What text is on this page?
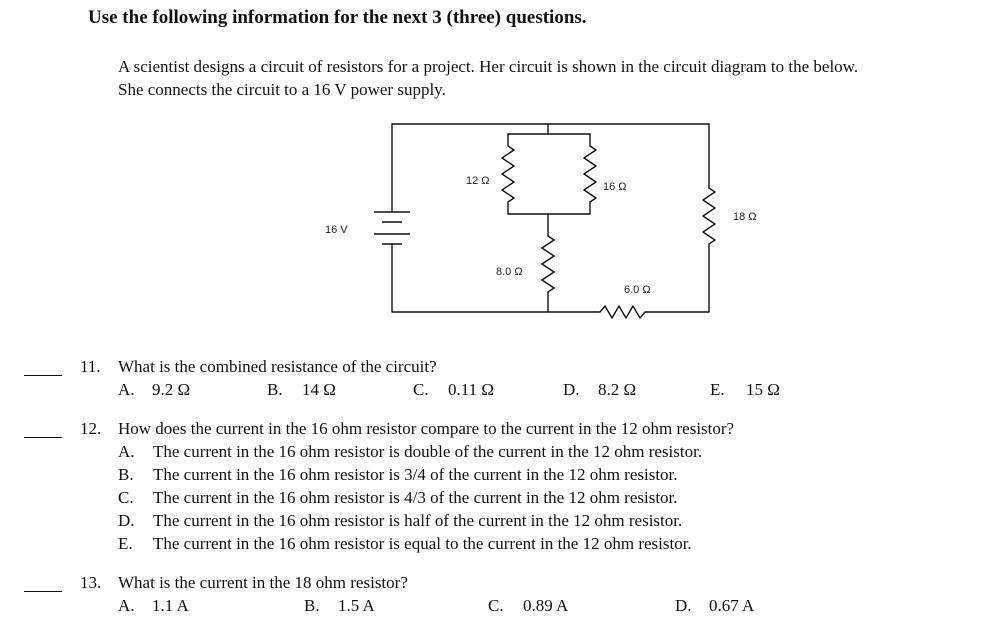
Use the following information for the next 3 (three) questions.
A scientist designs a circuit of resistors for a project. Her circuit is shown in the circuit diagram to the below.
She connects the circuit to a 16 V power supply.
16 V
12 Ω	16 Ω
18 Ω
8.0 Ω
6.0 Ω
11. What is the combined resistance of the circuit?
A. 9.2 Ω	B. 14 Ω	C. 0.11 Ω	D. 8.2 Ω	E. 15 Ω
12. How does the current in the 16 ohm resistor compare to the current in the 12 ohm resistor?
A. The current in the 16 ohm resistor is double of the current in the 12 ohm resistor.
B. The current in the 16 ohm resistor is 3/4 of the current in the 12 ohm resistor.
C. The current in the 16 ohm resistor is 4/3 of the current in the 12 ohm resistor.
D. The current in the 16 ohm resistor is half of the current in the 12 ohm resistor.
E. The current in the 16 ohm resistor is equal to the current in the 12 ohm resistor.
13. What is the current in the 18 ohm resistor?
A. 1.1 A	B. 1.5 A	C. 0.89 A	D. 0.67 A
